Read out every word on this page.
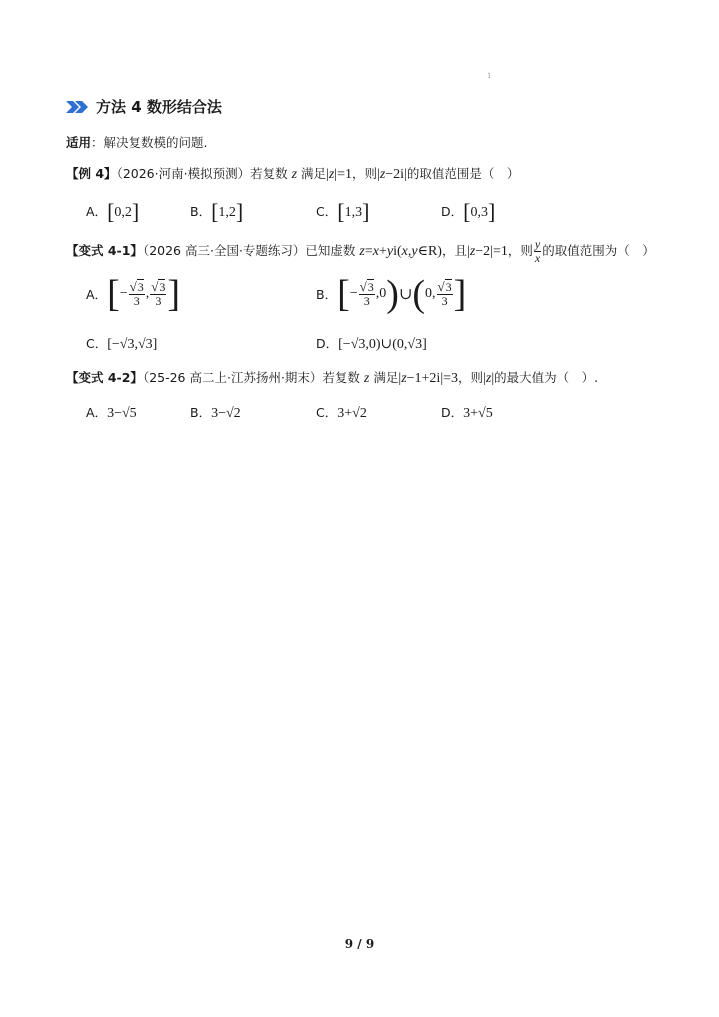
1
方法 4 数形结合法
适用：解决复数模的问题.
【例 4】（2026·河南·模拟预测）若复数 z 满足|z|=1，则|z−2i|的取值范围是（　）
A．[0,2]	B．[1,2]	C．[1,3]	D．[0,3]
【变式 4-1】（2026 高三·全国·专题练习）已知虚数 z=x+yi(x,y∈R)，且|z−2|=1，则 $\frac{y}{x}$ 的取值范围为（　）
A． [ − $\frac{√3}{3}$ , $\frac{√3}{3}$ ]	B． [ − $\frac{√3}{3} ,0$ ) ∪ ( 0, $\frac{√3}{3}$ ]
C．[−√3,√3]	D．[−√3,0)∪(0,√3]
【变式 4-2】（25-26 高二上·江苏扬州·期末）若复数 z 满足|z−1+2i|=3，则|z|的最大值为（　）.
A．3−√5	B．3−√2	C．3+√2	D．3+√5
9 / 9
